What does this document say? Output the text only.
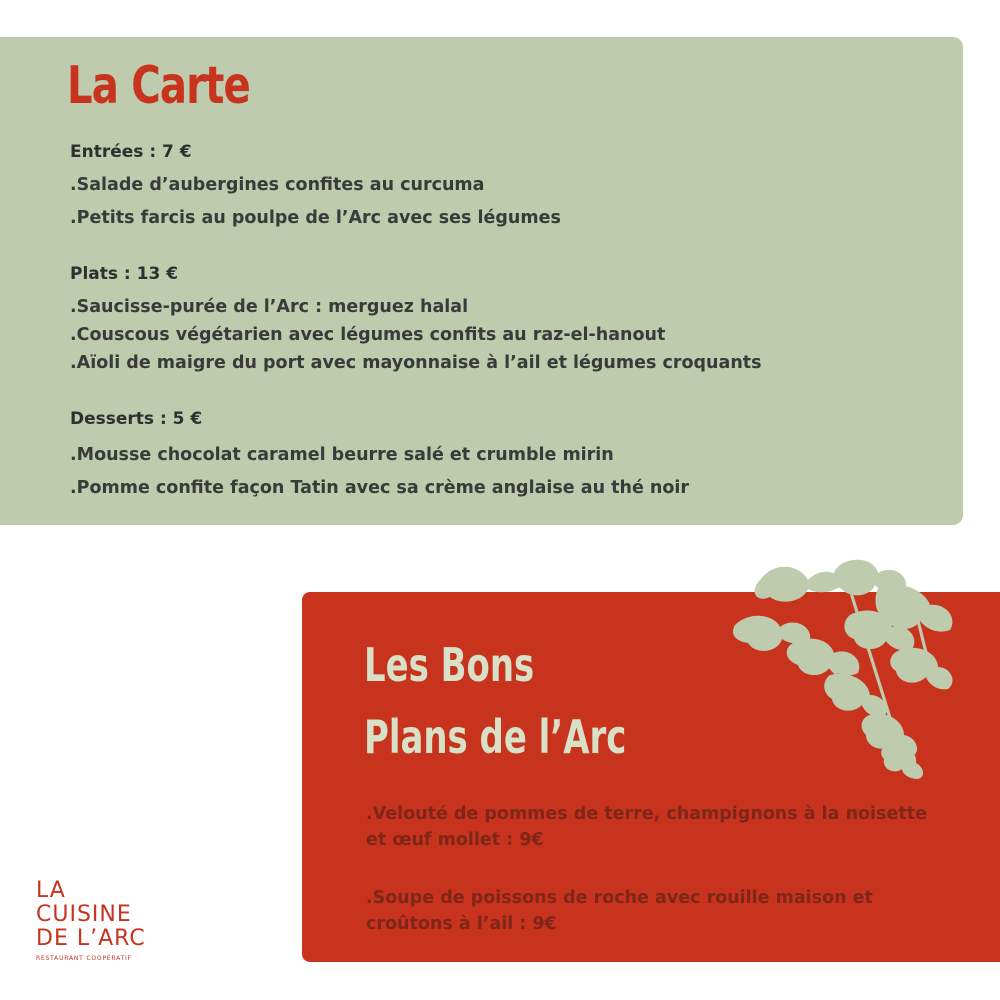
La Carte

Entrées : 7 €

.Salade d’aubergines confites au curcuma

.Petits farcis au poulpe de l’Arc avec ses légumes

Plats : 13 €

.Saucisse-purée de l’Arc : merguez halal

.Couscous végétarien avec légumes confits au raz-el-hanout

.Aïoli de maigre du port avec mayonnaise à l’ail et légumes croquants

Desserts : 5 €

.Mousse chocolat caramel beurre salé et crumble mirin

.Pomme confite façon Tatin avec sa crème anglaise au thé noir

Les Bons
Plans de l’Arc

.Velouté de pommes de terre, champignons à la noisette et œuf mollet : 9€

.Soupe de poissons de roche avec rouille maison et croûtons à l’ail : 9€

LA

CUISINE

DE L’ARC

RESTAURANT COOPÉRATIF
